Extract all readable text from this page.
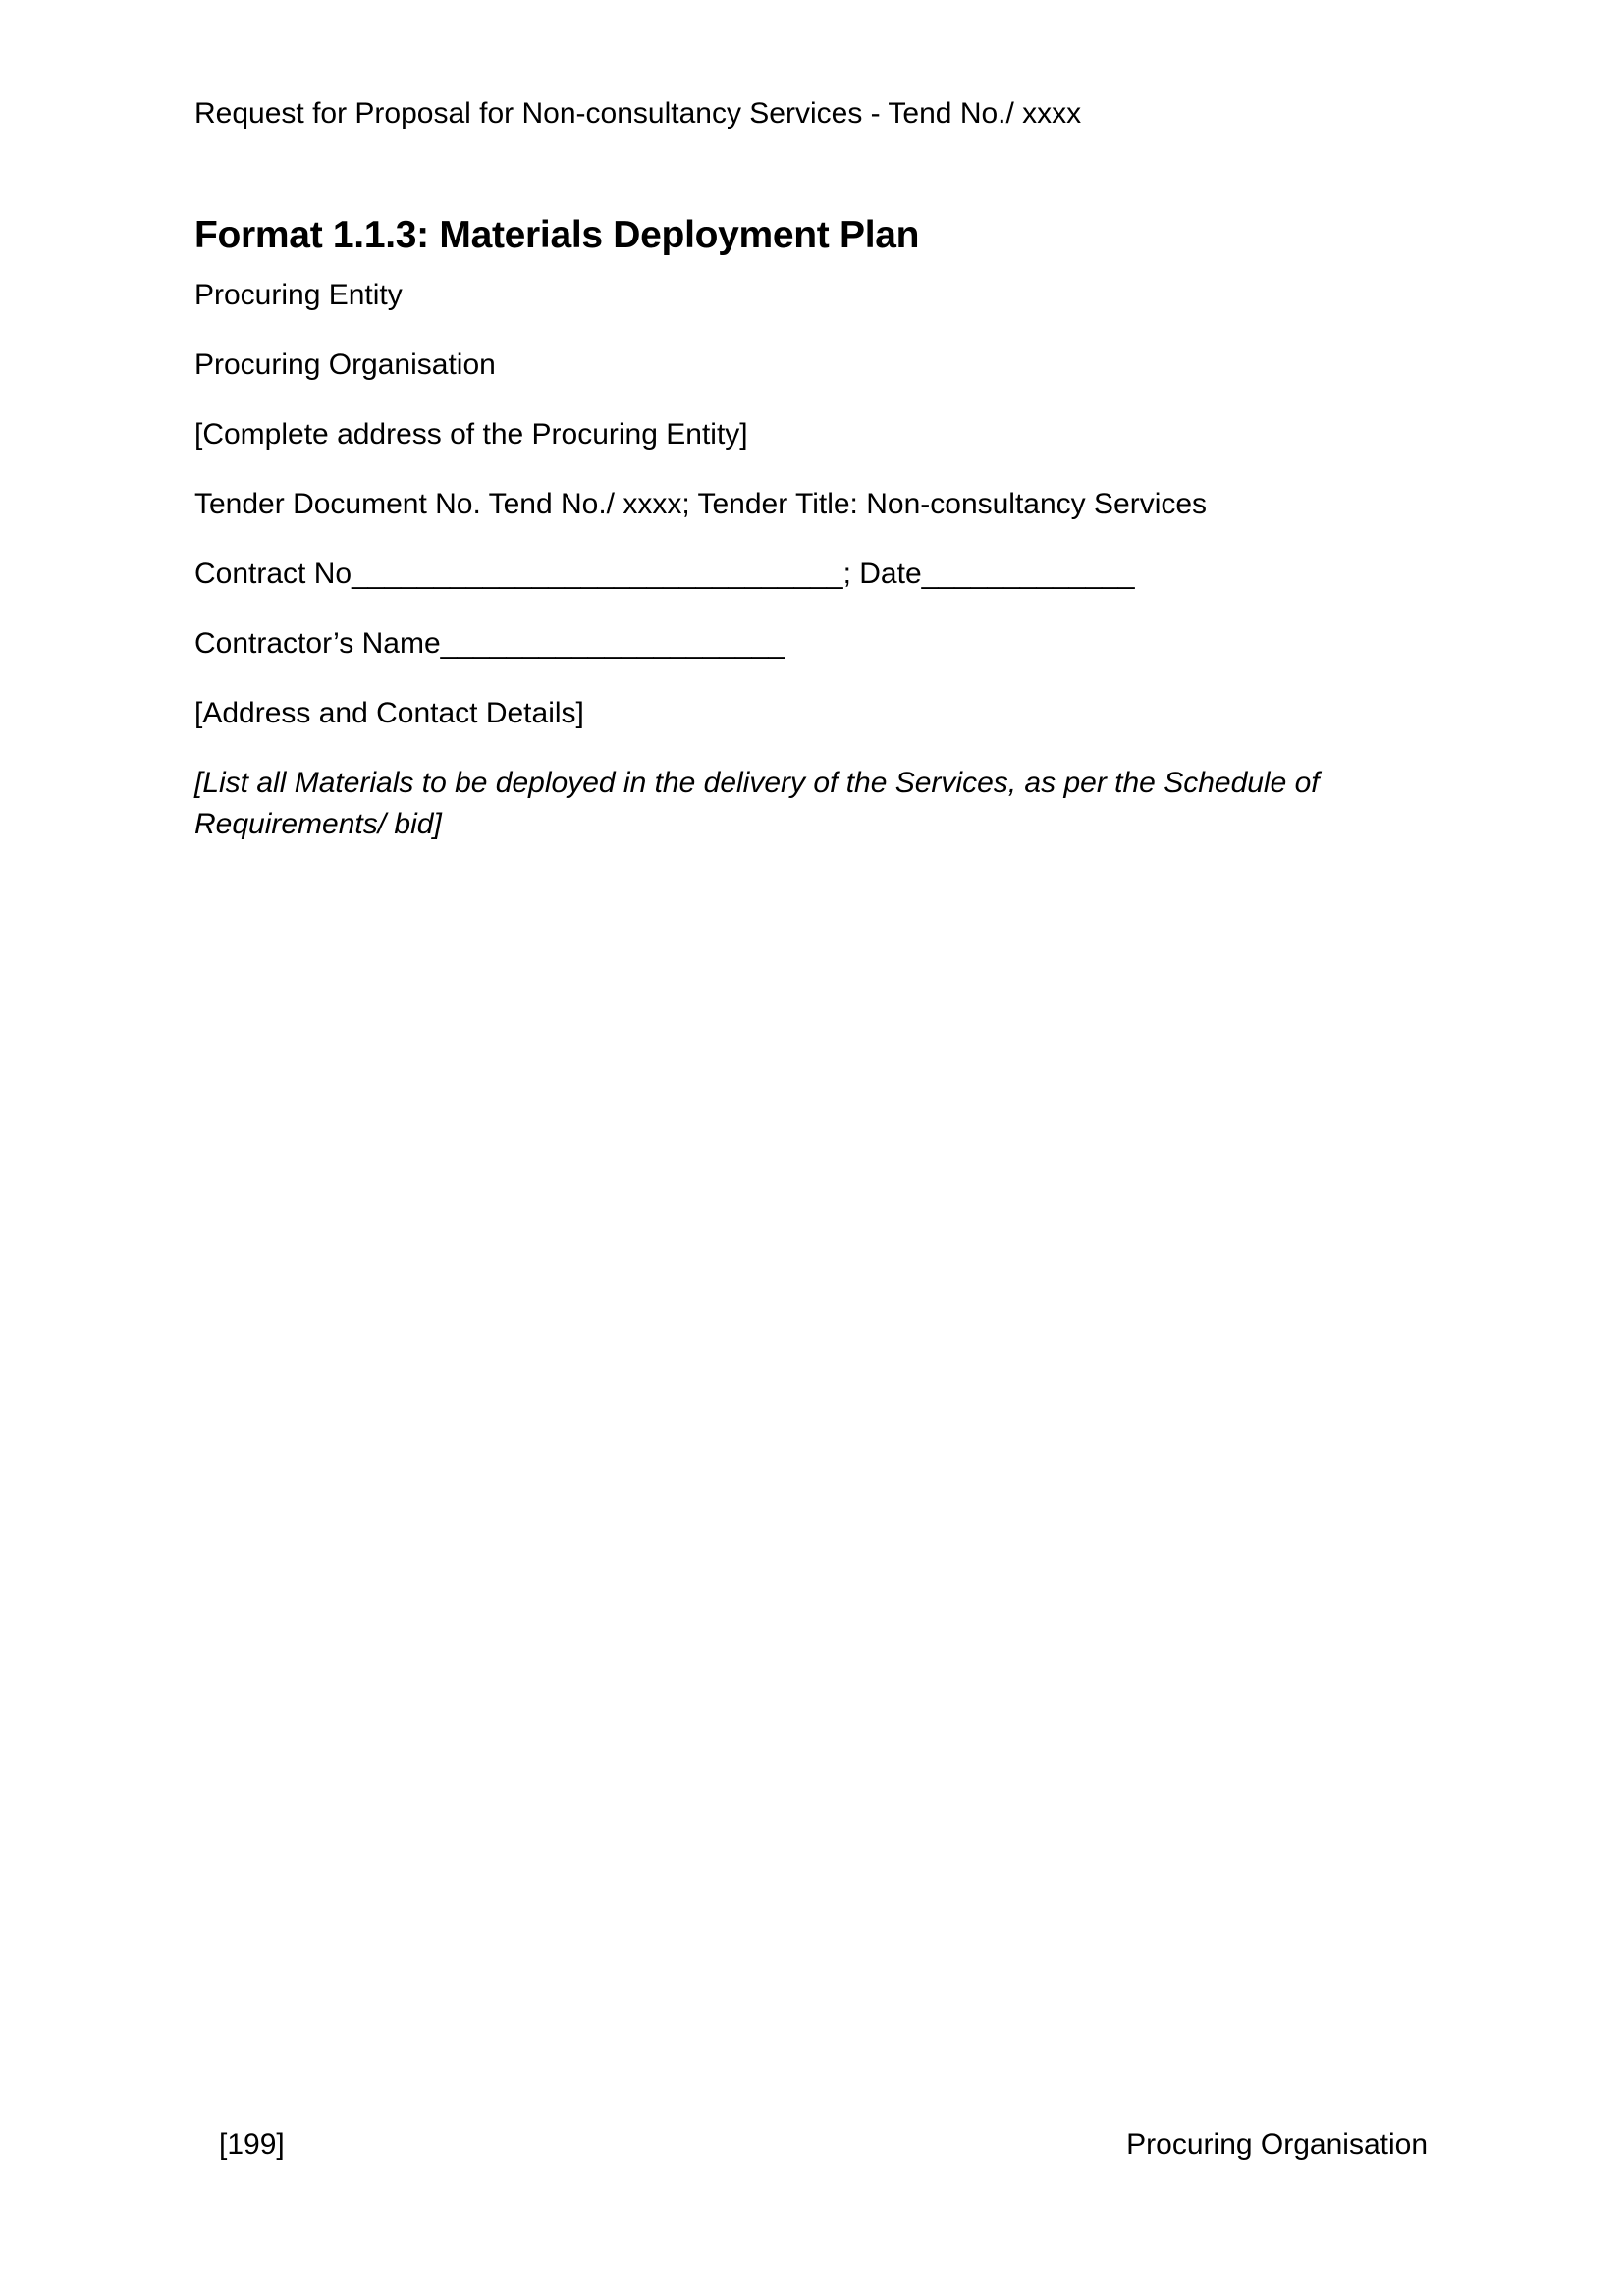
Request for Proposal for Non-consultancy Services - Tend No./ xxxx
Format 1.1.3: Materials Deployment Plan

Procuring Entity

Procuring Organisation

[Complete address of the Procuring Entity]

Tender Document No. Tend No./ xxxx; Tender Title: Non-consultancy Services

Contract No______________________________; Date_____________

Contractor’s Name_____________________

[Address and Contact Details]

[List all Materials to be deployed in the delivery of the Services, as per the Schedule of Requirements/ bid]

[199]	Procuring Organisation
